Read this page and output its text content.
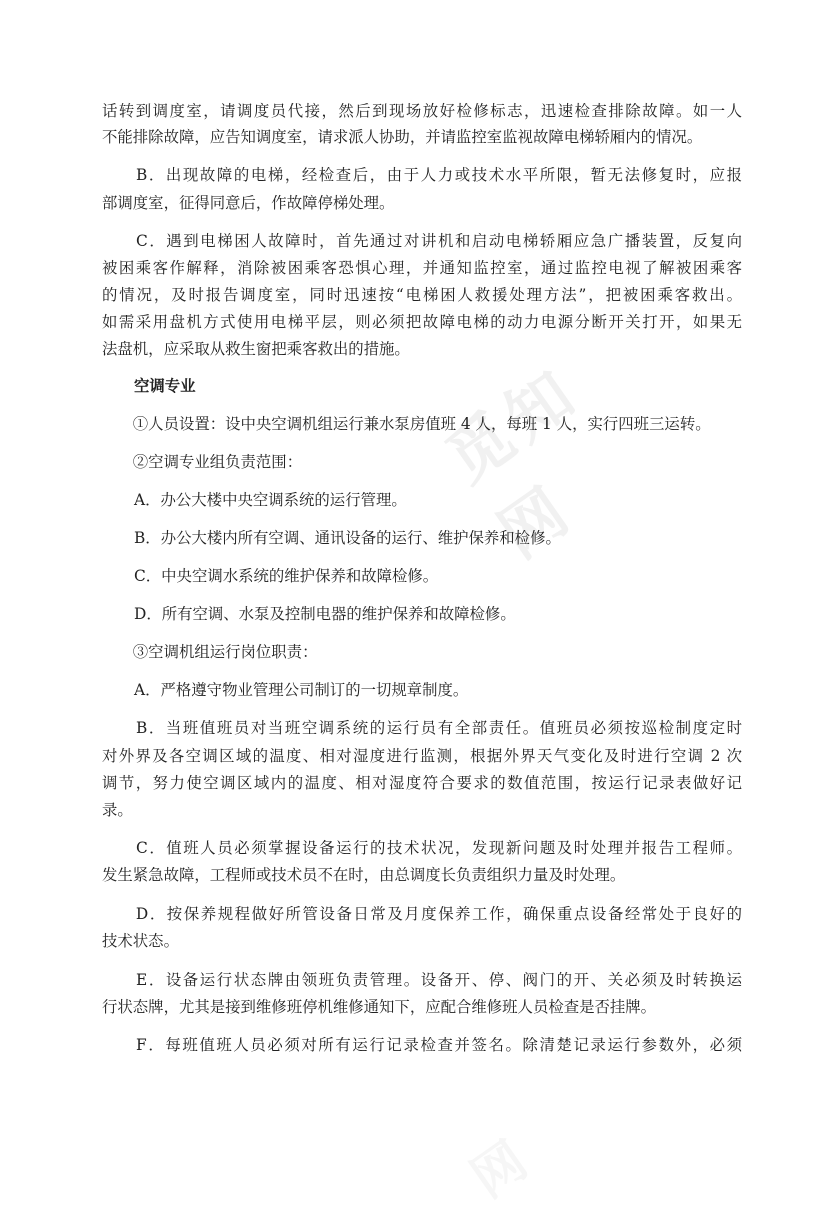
觅知网
网
话转到调度室，请调度员代接，然后到现场放好检修标志，迅速检查排除故障。如一人
不能排除故障，应告知调度室，请求派人协助，并请监控室监视故障电梯轿厢内的情况。
　　B．出现故障的电梯，经检查后，由于人力或技术水平所限，暂无法修复时，应报
部调度室，征得同意后，作故障停梯处理。
　　C．遇到电梯困人故障时，首先通过对讲机和启动电梯轿厢应急广播装置，反复向
被困乘客作解释，消除被困乘客恐惧心理，并通知监控室，通过监控电视了解被困乘客
的情况，及时报告调度室，同时迅速按“电梯困人救援处理方法”，把被困乘客救出。
如需采用盘机方式使用电梯平层，则必须把故障电梯的动力电源分断开关打开，如果无
法盘机，应采取从救生窗把乘客救出的措施。
空调专业
　　①人员设置：设中央空调机组运行兼水泵房值班 4 人，每班 1 人，实行四班三运转。
　　②空调专业组负责范围：
A．办公大楼中央空调系统的运行管理。
B．办公大楼内所有空调、通讯设备的运行、维护保养和检修。
C．中央空调水系统的维护保养和故障检修。
D．所有空调、水泵及控制电器的维护保养和故障检修。
　　③空调机组运行岗位职责：
A．严格遵守物业管理公司制订的一切规章制度。
　　B．当班值班员对当班空调系统的运行员有全部责任。值班员必须按巡检制度定时
对外界及各空调区域的温度、相对湿度进行监测，根据外界天气变化及时进行空调 2 次
调节，努力使空调区域内的温度、相对湿度符合要求的数值范围，按运行记录表做好记
录。
　　C．值班人员必须掌握设备运行的技术状况，发现新问题及时处理并报告工程师。
发生紧急故障，工程师或技术员不在时，由总调度长负责组织力量及时处理。
　　D．按保养规程做好所管设备日常及月度保养工作，确保重点设备经常处于良好的
技术状态。
　　E．设备运行状态牌由领班负责管理。设备开、停、阀门的开、关必须及时转换运
行状态牌，尤其是接到维修班停机维修通知下，应配合维修班人员检查是否挂牌。
　　F．每班值班人员必须对所有运行记录检查并签名。除清楚记录运行参数外，必须
